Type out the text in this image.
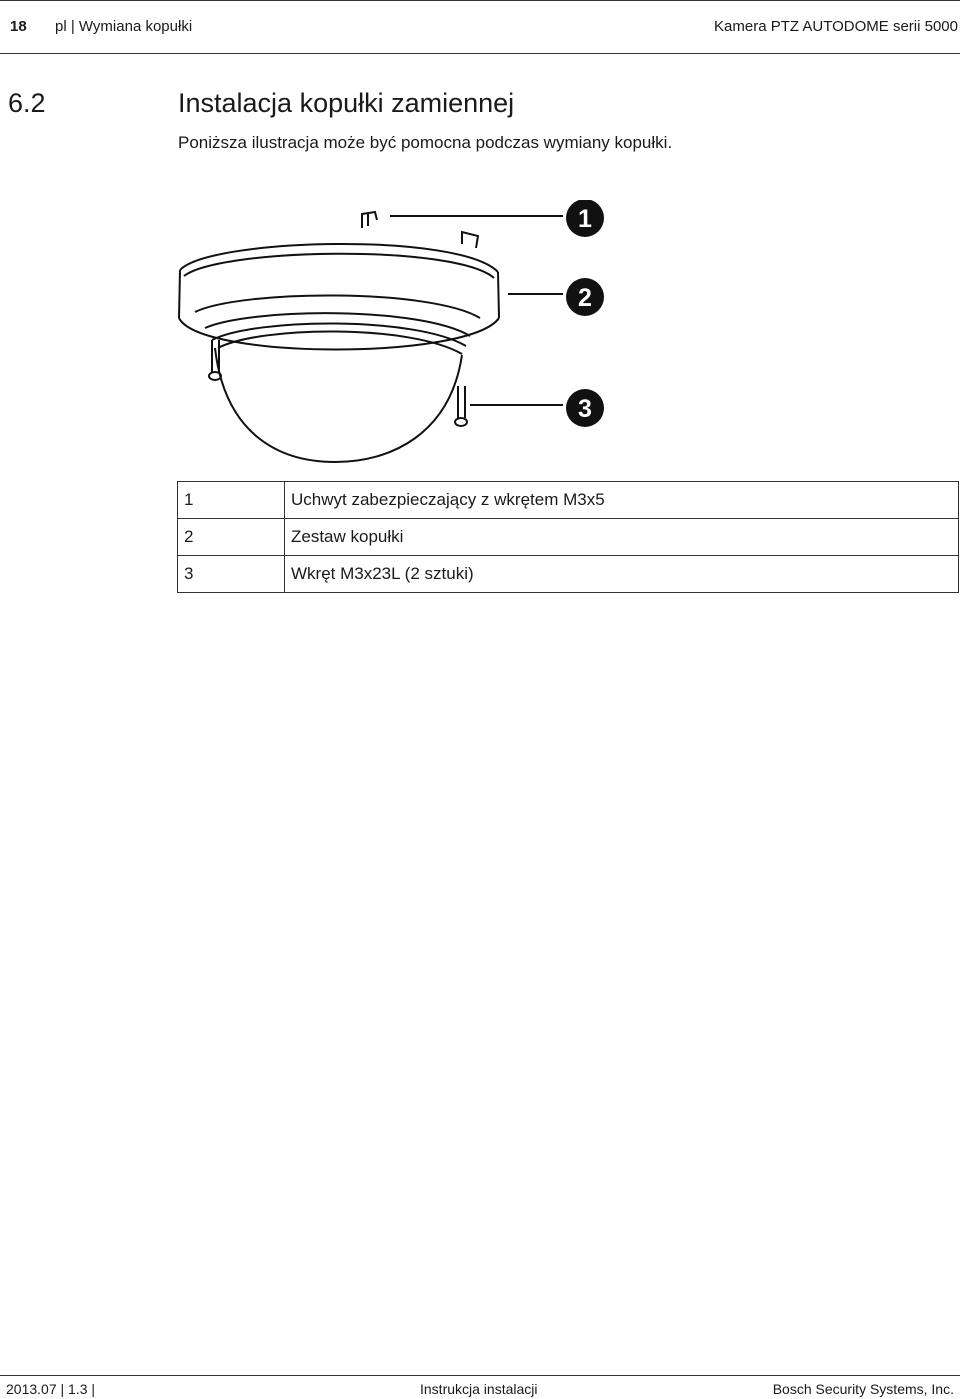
18 pl | Wymiana kopułki	Kamera PTZ AUTODOME serii 5000
6.2	Instalacja kopułki zamiennej
Poniższa ilustracja może być pomocna podczas wymiany kopułki.
1
2
3
1	Uchwyt zabezpieczający z wkrętem M3x5
2	Zestaw kopułki
3	Wkręt M3x23L (2 sztuki)
2013.07 | 1.3 |	Instrukcja instalacji	Bosch Security Systems, Inc.
